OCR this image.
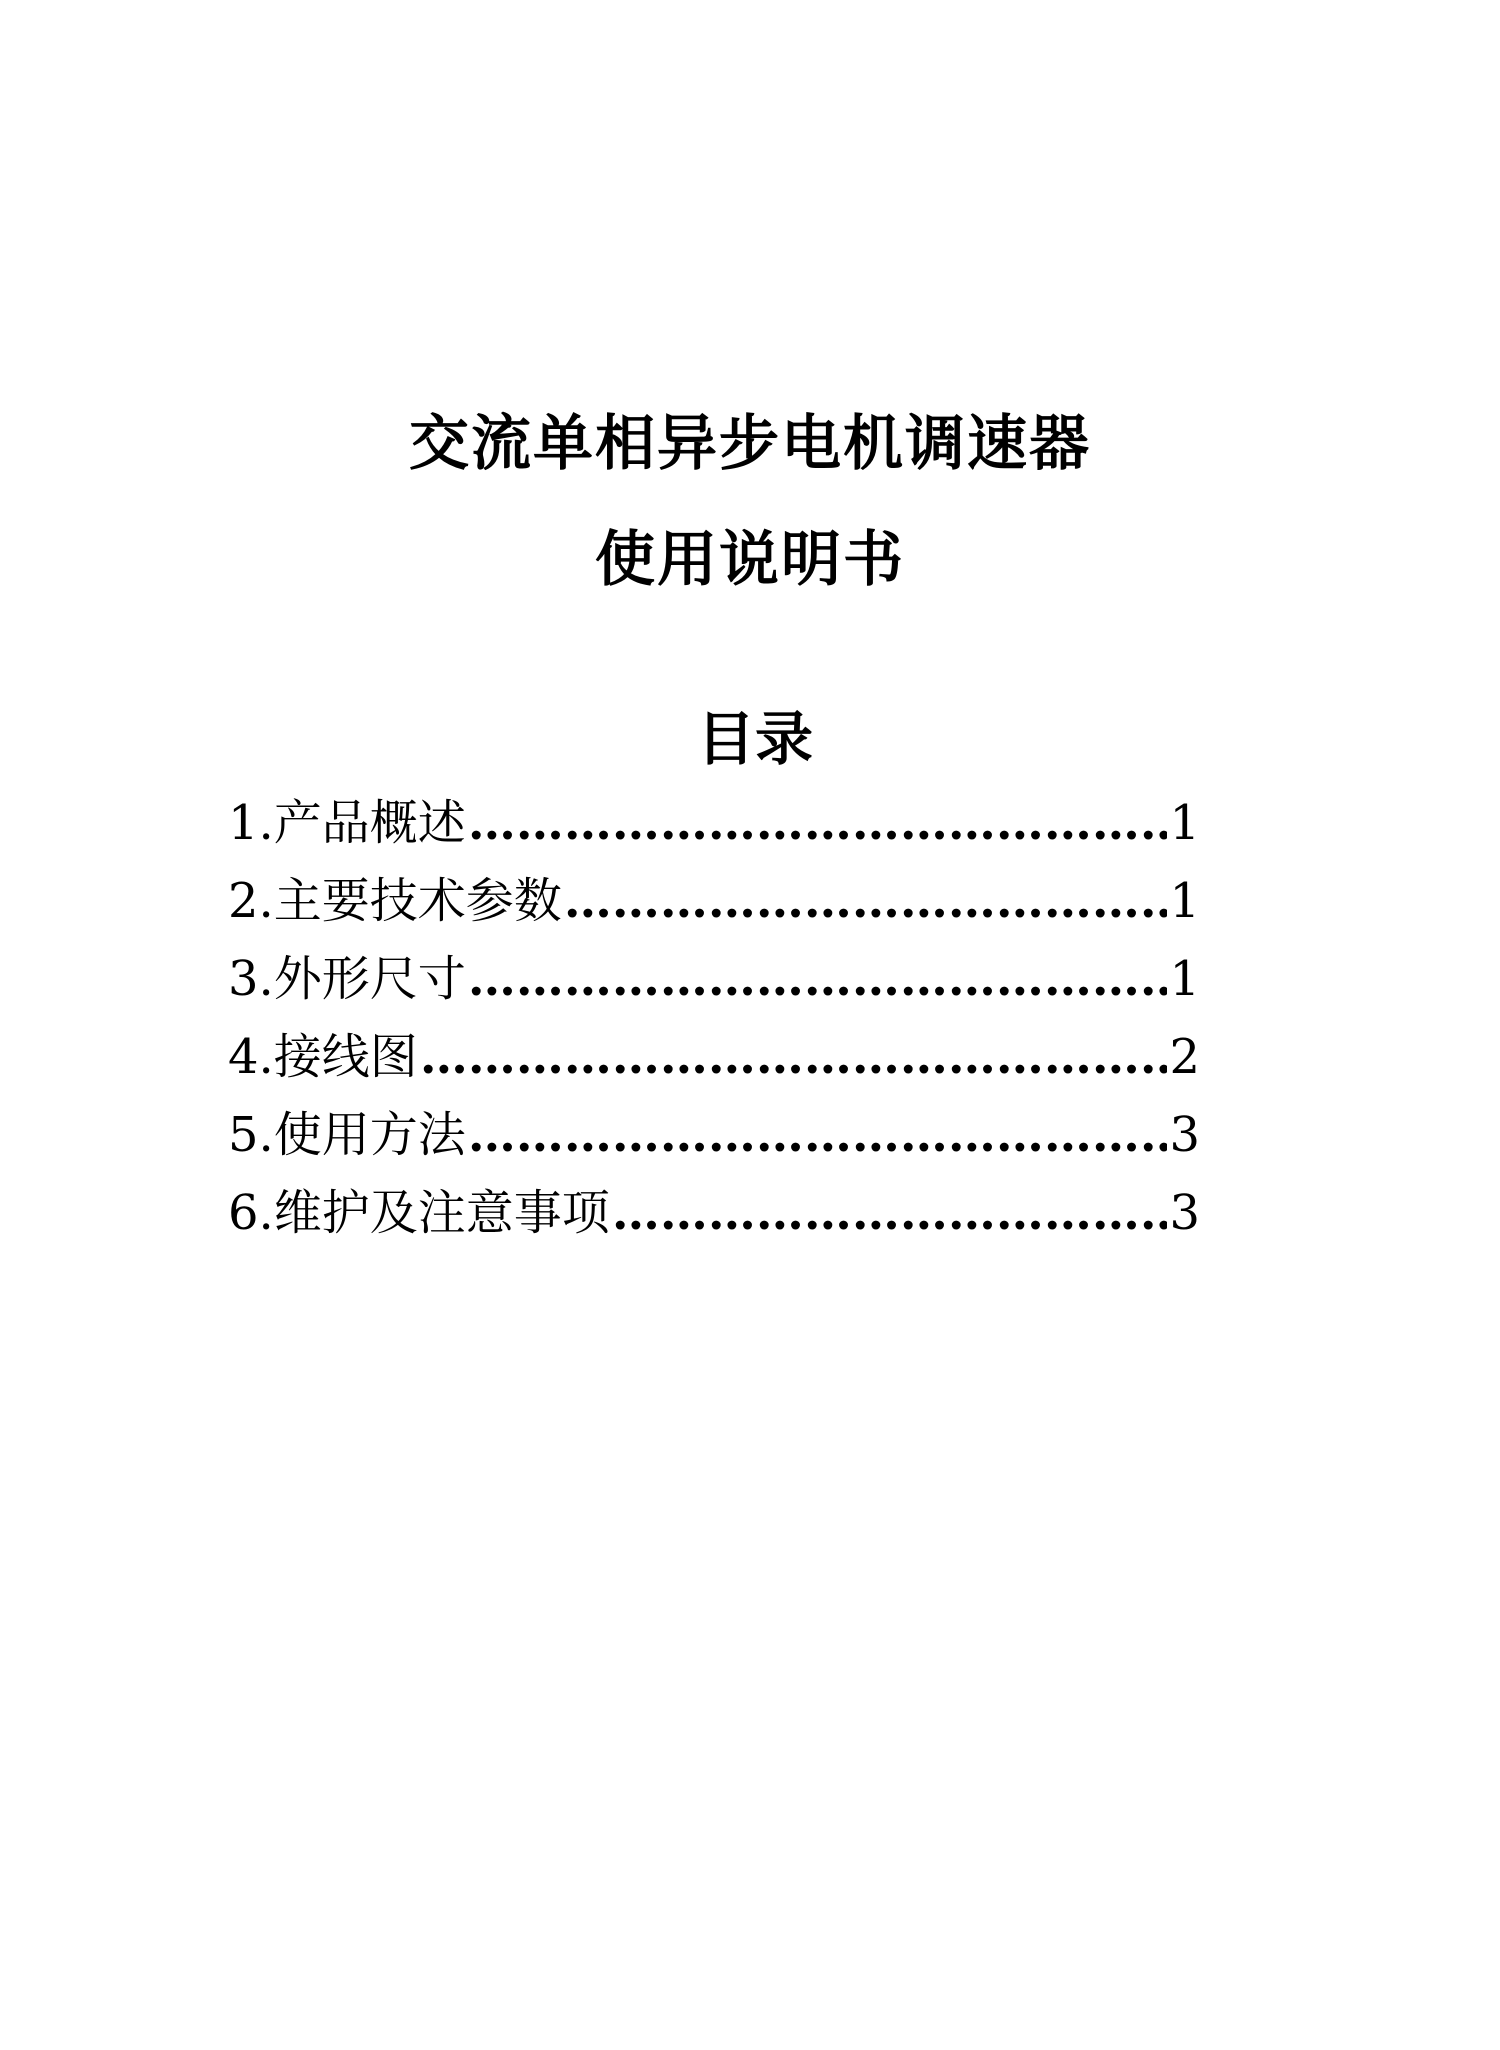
交流单相异步电机调速器
使用说明书
目录
1. 产品概述 …………………………………………………………………………………………………………………………	1
2. 主要技术参数 …………………………………………………………………………………………………………………………	1
3. 外形尺寸 …………………………………………………………………………………………………………………………	1
4. 接线图 …………………………………………………………………………………………………………………………	2
5. 使用方法 …………………………………………………………………………………………………………………………	3
6. 维护及注意事项 …………………………………………………………………………………………………………………………	3
